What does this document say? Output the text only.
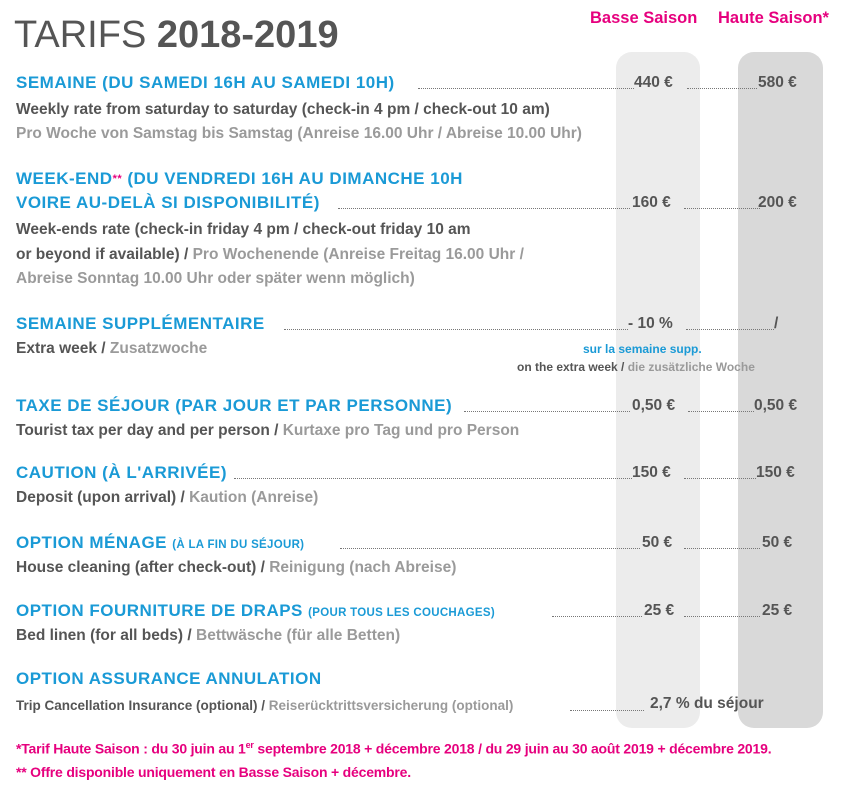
TARIFS 2018-2019	Basse Saison Haute Saison*
SEMAINE (DU SAMEDI 16H AU SAMEDI 10H)	440 €	580 €
Weekly rate from saturday to saturday (check-in 4 pm / check-out 10 am)
Pro Woche von Samstag bis Samstag (Anreise 16.00 Uhr / Abreise 10.00 Uhr)
WEEK-END** (DU VENDREDI 16H AU DIMANCHE 10H
VOIRE AU-DELÀ SI DISPONIBILITÉ)	160 €	200 €
Week-ends rate (check-in friday 4 pm / check-out friday 10 am
or beyond if available) / Pro Wochenende (Anreise Freitag 16.00 Uhr /
Abreise Sonntag 10.00 Uhr oder später wenn möglich)
SEMAINE SUPPLÉMENTAIRE	- 10 %	/
Extra week / Zusatzwoche	sur la semaine supp.
on the extra week / die zusätzliche Woche
TAXE DE SÉJOUR (PAR JOUR ET PAR PERSONNE)	0,50 €	0,50 €
Tourist tax per day and per person / Kurtaxe pro Tag und pro Person
CAUTION (À L'ARRIVÉE)	150 €	150 €
Deposit (upon arrival) / Kaution (Anreise)
OPTION MÉNAGE (À LA FIN DU SÉJOUR)	50 €	50 €
House cleaning (after check-out) / Reinigung (nach Abreise)
OPTION FOURNITURE DE DRAPS (POUR TOUS LES COUCHAGES)	25 €	25 €
Bed linen (for all beds) / Bettwäsche (für alle Betten)
OPTION ASSURANCE ANNULATION
Trip Cancellation Insurance (optional) / Reiserücktrittsversicherung (optional)	2,7 % du séjour
*Tarif Haute Saison : du 30 juin au 1er septembre 2018 + décembre 2018 / du 29 juin au 30 août 2019 + décembre 2019.
** Offre disponible uniquement en Basse Saison + décembre.
